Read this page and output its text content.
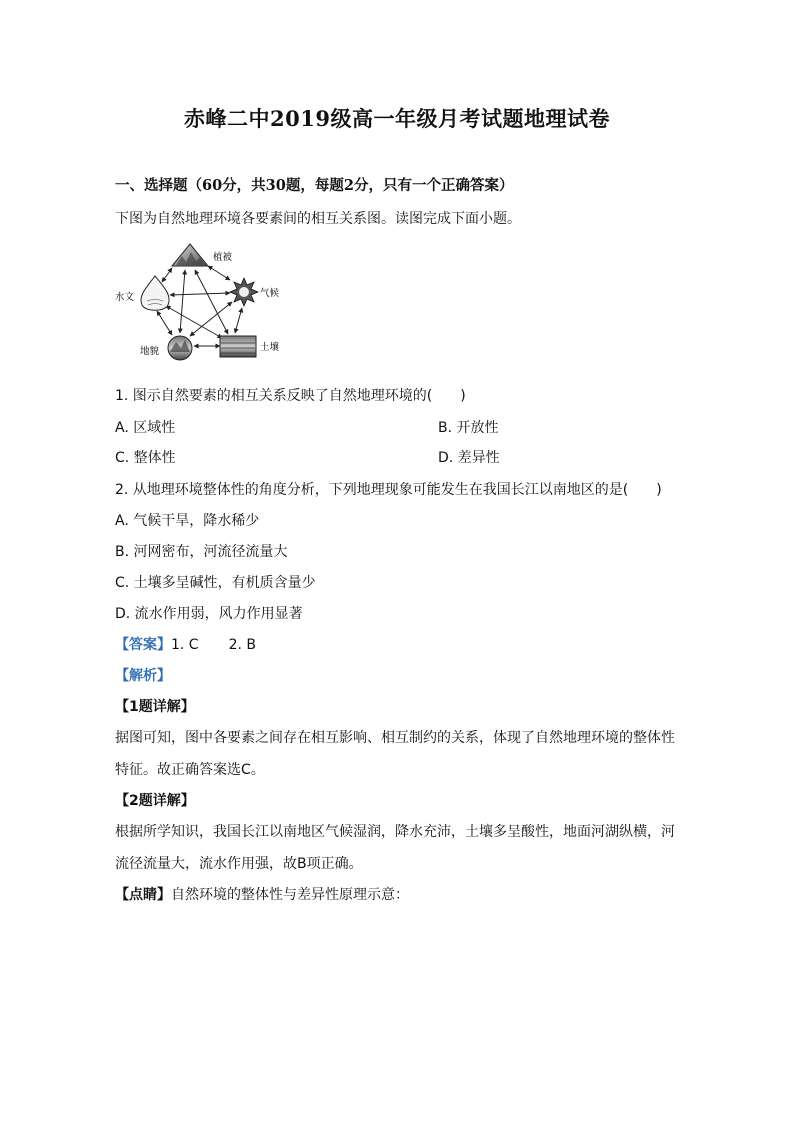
赤峰二中2019级高一年级月考试题地理试卷
一、选择题（60分，共30题，每题2分，只有一个正确答案）
下图为自然地理环境各要素间的相互关系图。读图完成下面小题。
植被
气候
水文
土壤
地貌
1. 图示自然要素的相互关系反映了自然地理环境的(　　)
A. 区域性	B. 开放性
C. 整体性	D. 差异性
2. 从地理环境整体性的角度分析，下列地理现象可能发生在我国长江以南地区的是(　　)
A. 气候干旱，降水稀少
B. 河网密布，河流径流量大
C. 土壤多呈碱性，有机质含量少
D. 流水作用弱，风力作用显著
【答案】1. C 2. B
【解析】
【1题详解】
据图可知，图中各要素之间存在相互影响、相互制约的关系，体现了自然地理环境的整体性
特征。故正确答案选C。
【2题详解】
根据所学知识，我国长江以南地区气候湿润，降水充沛，土壤多呈酸性，地面河湖纵横，河
流径流量大，流水作用强，故B项正确。
【点睛】自然环境的整体性与差异性原理示意：
